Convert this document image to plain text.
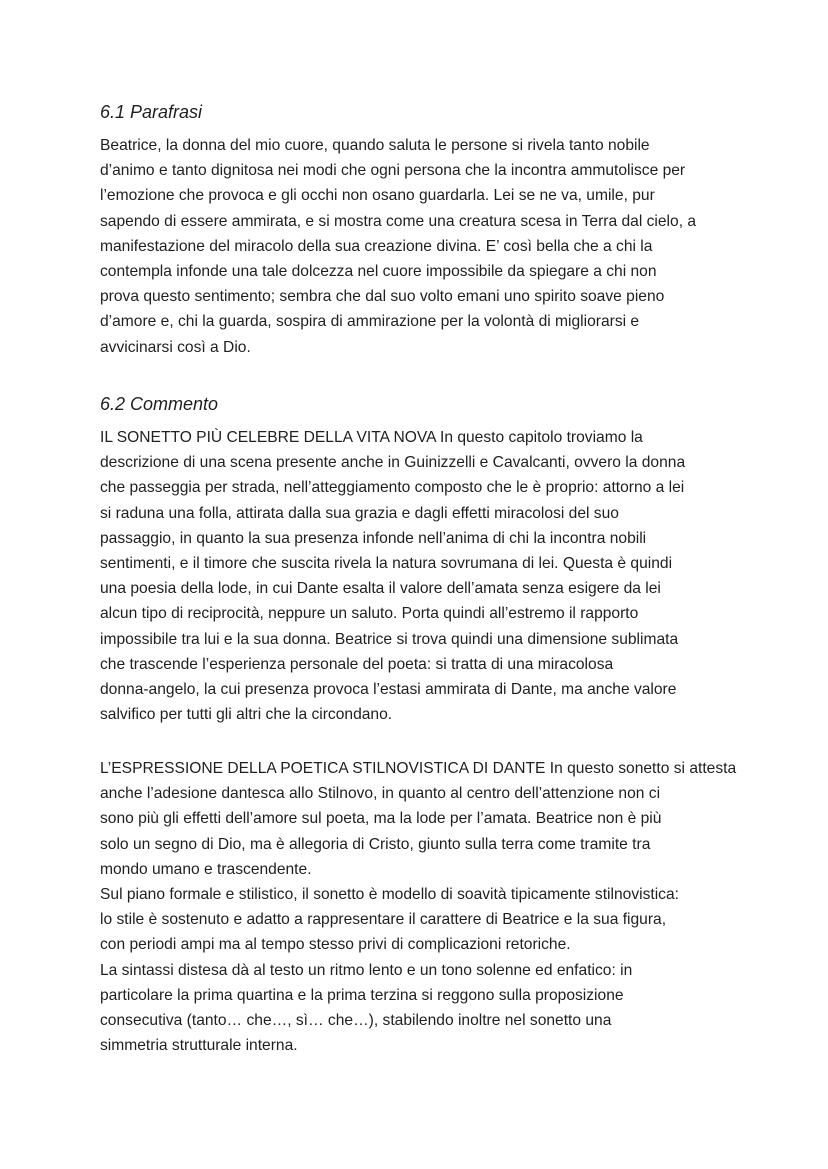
6.1 Parafrasi
Beatrice, la donna del mio cuore, quando saluta le persone si rivela tanto nobile
d’animo e tanto dignitosa nei modi che ogni persona che la incontra ammutolisce per
l’emozione che provoca e gli occhi non osano guardarla. Lei se ne va, umile, pur
sapendo di essere ammirata, e si mostra come una creatura scesa in Terra dal cielo, a
manifestazione del miracolo della sua creazione divina. E’ così bella che a chi la
contempla infonde una tale dolcezza nel cuore impossibile da spiegare a chi non
prova questo sentimento; sembra che dal suo volto emani uno spirito soave pieno
d’amore e, chi la guarda, sospira di ammirazione per la volontà di migliorarsi e
avvicinarsi così a Dio.
6.2 Commento
IL SONETTO PIÙ CELEBRE DELLA VITA NOVA In questo capitolo troviamo la
descrizione di una scena presente anche in Guinizzelli e Cavalcanti, ovvero la donna
che passeggia per strada, nell’atteggiamento composto che le è proprio: attorno a lei
si raduna una folla, attirata dalla sua grazia e dagli effetti miracolosi del suo
passaggio, in quanto la sua presenza infonde nell’anima di chi la incontra nobili
sentimenti, e il timore che suscita rivela la natura sovrumana di lei. Questa è quindi
una poesia della lode, in cui Dante esalta il valore dell’amata senza esigere da lei
alcun tipo di reciprocità, neppure un saluto. Porta quindi all’estremo il rapporto
impossibile tra lui e la sua donna. Beatrice si trova quindi una dimensione sublimata
che trascende l’esperienza personale del poeta: si tratta di una miracolosa
donna-angelo, la cui presenza provoca l’estasi ammirata di Dante, ma anche valore
salvifico per tutti gli altri che la circondano.
L’ESPRESSIONE DELLA POETICA STILNOVISTICA DI DANTE In questo sonetto si attesta
anche l’adesione dantesca allo Stilnovo, in quanto al centro dell’attenzione non ci
sono più gli effetti dell’amore sul poeta, ma la lode per l’amata. Beatrice non è più
solo un segno di Dio, ma è allegoria di Cristo, giunto sulla terra come tramite tra
mondo umano e trascendente.
Sul piano formale e stilistico, il sonetto è modello di soavità tipicamente stilnovistica:
lo stile è sostenuto e adatto a rappresentare il carattere di Beatrice e la sua figura,
con periodi ampi ma al tempo stesso privi di complicazioni retoriche.
La sintassi distesa dà al testo un ritmo lento e un tono solenne ed enfatico: in
particolare la prima quartina e la prima terzina si reggono sulla proposizione
consecutiva (tanto… che…, sì… che…), stabilendo inoltre nel sonetto una
simmetria strutturale interna.
